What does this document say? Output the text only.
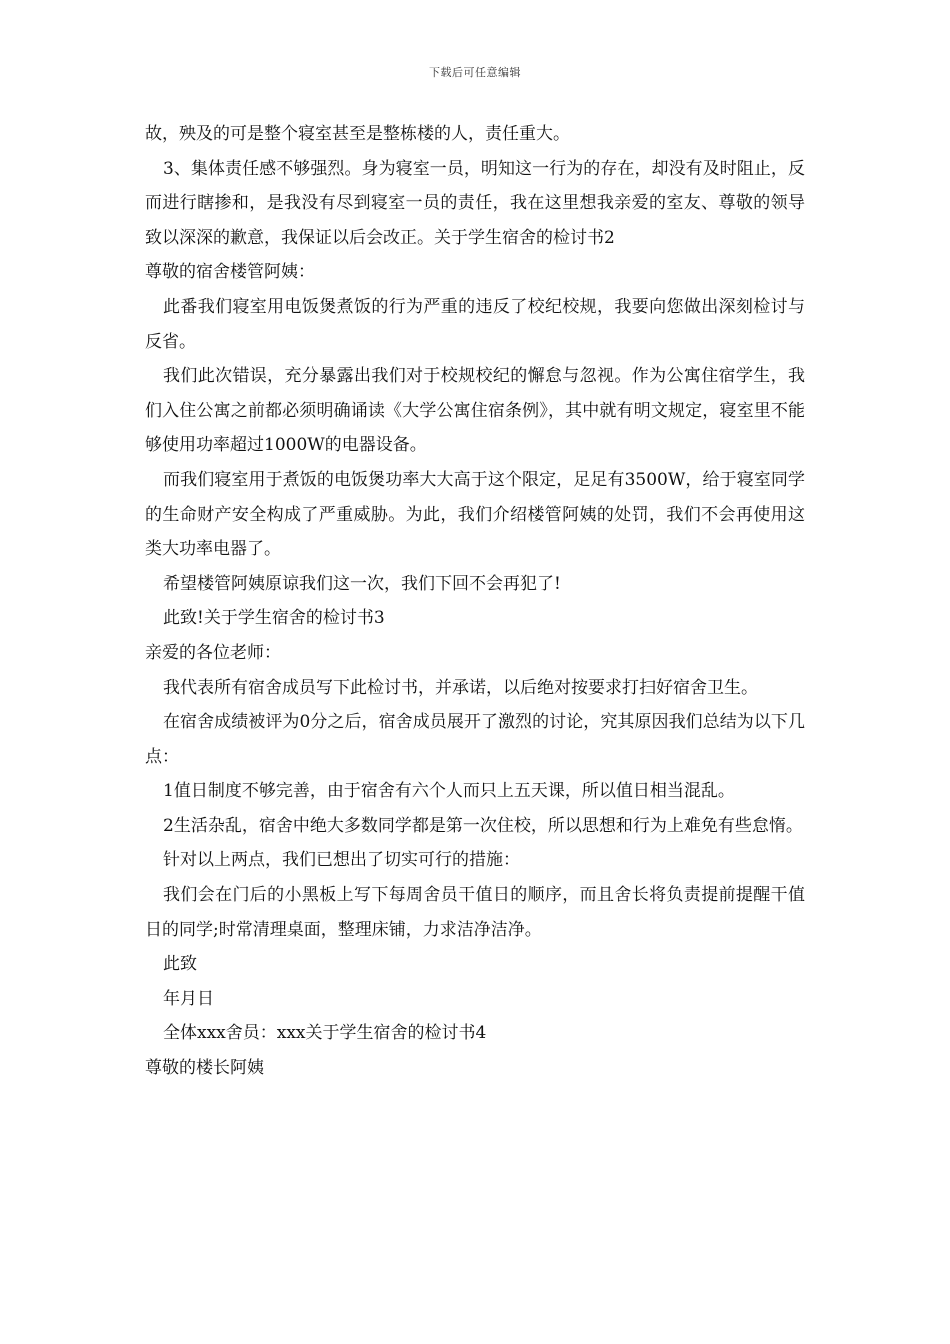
下载后可任意编辑

故，殃及的可是整个寝室甚至是整栋楼的人，责任重大。

3、集体责任感不够强烈。身为寝室一员，明知这一行为的存在，却没有及时阻止，反而进行瞎掺和，是我没有尽到寝室一员的责任，我在这里想我亲爱的室友、尊敬的领导致以深深的歉意，我保证以后会改正。关于学生宿舍的检讨书2

尊敬的宿舍楼管阿姨：

此番我们寝室用电饭煲煮饭的行为严重的违反了校纪校规，我要向您做出深刻检讨与反省。

我们此次错误，充分暴露出我们对于校规校纪的懈怠与忽视。作为公寓住宿学生，我们入住公寓之前都必须明确诵读《大学公寓住宿条例》，其中就有明文规定，寝室里不能够使用功率超过1000W的电器设备。

而我们寝室用于煮饭的电饭煲功率大大高于这个限定，足足有3500W，给于寝室同学的生命财产安全构成了严重威胁。为此，我们介绍楼管阿姨的处罚，我们不会再使用这类大功率电器了。

希望楼管阿姨原谅我们这一次，我们下回不会再犯了!

此致!关于学生宿舍的检讨书3

亲爱的各位老师：

我代表所有宿舍成员写下此检讨书，并承诺，以后绝对按要求打扫好宿舍卫生。

在宿舍成绩被评为0分之后，宿舍成员展开了激烈的讨论，究其原因我们总结为以下几点：

1值日制度不够完善，由于宿舍有六个人而只上五天课，所以值日相当混乱。

2生活杂乱，宿舍中绝大多数同学都是第一次住校，所以思想和行为上难免有些怠惰。

针对以上两点，我们已想出了切实可行的措施：

我们会在门后的小黑板上写下每周舍员干值日的顺序，而且舍长将负责提前提醒干值日的同学;时常清理桌面，整理床铺，力求洁净洁净。

此致

年月日

全体xxx舍员：xxx关于学生宿舍的检讨书4

尊敬的楼长阿姨
